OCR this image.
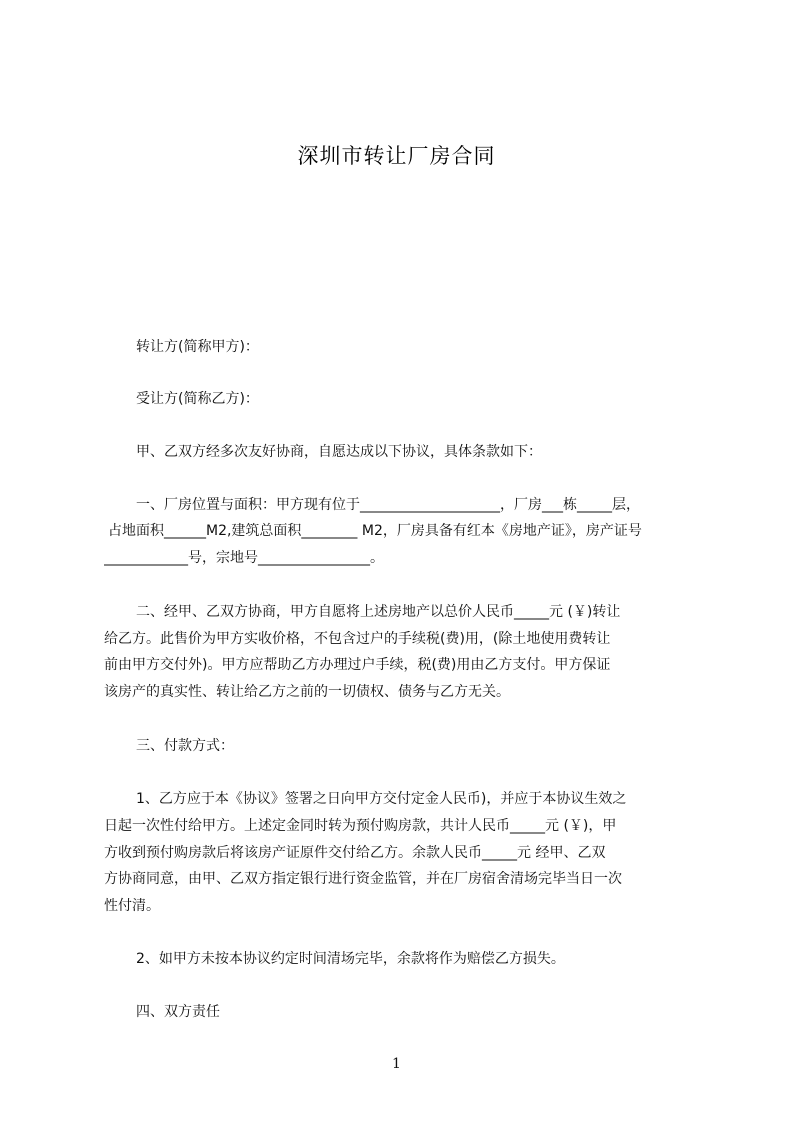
深圳市转让厂房合同
转让方(简称甲方)：
受让方(简称乙方)：
甲、乙双方经多次友好协商，自愿达成以下协议，具体条款如下：
一、厂房位置与面积：甲方现有位于____________________，厂房___栋_____层，
占地面积______M2,建筑总面积________ M2，厂房具备有红本《房地产证》，房产证号
____________号，宗地号________________。
二、经甲、乙双方协商，甲方自愿将上述房地产以总价人民币_____元 (￥)转让
给乙方。此售价为甲方实收价格，不包含过户的手续税(费)用，(除土地使用费转让
前由甲方交付外)。甲方应帮助乙方办理过户手续，税(费)用由乙方支付。甲方保证
该房产的真实性、转让给乙方之前的一切债权、债务与乙方无关。
三、付款方式：
1、乙方应于本《协议》签署之日向甲方交付定金人民币)，并应于本协议生效之
日起一次性付给甲方。上述定金同时转为预付购房款，共计人民币_____元 (￥)，甲
方收到预付购房款后将该房产证原件交付给乙方。余款人民币_____元 经甲、乙双
方协商同意，由甲、乙双方指定银行进行资金监管，并在厂房宿舍清场完毕当日一次
性付清。
2、如甲方未按本协议约定时间清场完毕，余款将作为赔偿乙方损失。
四、双方责任
1
